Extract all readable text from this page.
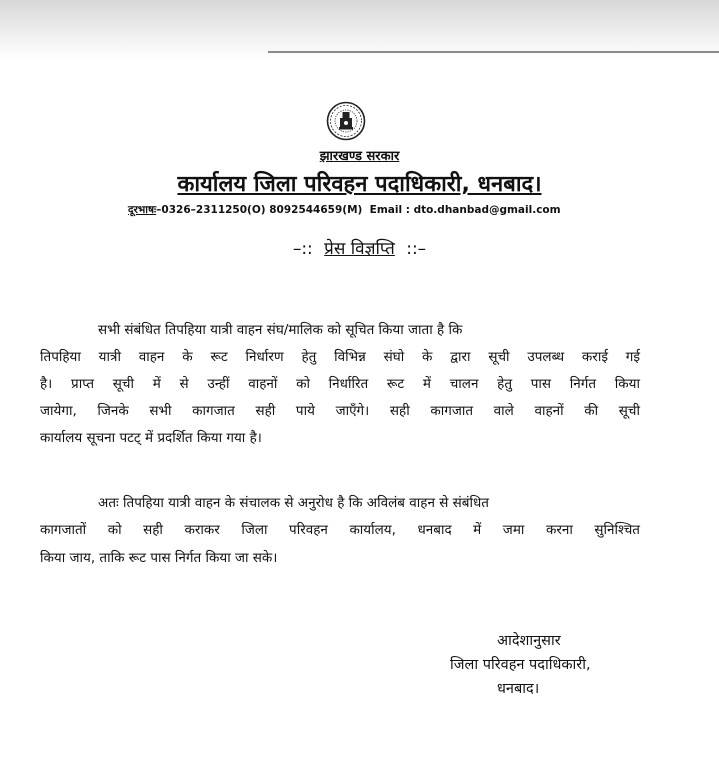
झारखण्ड सरकार
कार्यालय जिला परिवहन पदाधिकारी, धनबाद।
दूरभाषः–0326–2311250(O) 8092544659(M) Email : dto.dhanbad@gmail.com
–:: प्रेस विज्ञप्ति ::–
सभी संबंधित तिपहिया यात्री वाहन संघ/मालिक को सूचित किया जाता है कि
तिपहिया यात्री वाहन के रूट निर्धारण हेतु विभिन्न संघो के द्वारा सूची उपलब्ध कराई गई
है। प्राप्त सूची में से उन्हीं वाहनों को निर्धारित रूट में चालन हेतु पास निर्गत किया
जायेगा, जिनके सभी कागजात सही पाये जाएँगे। सही कागजात वाले वाहनों की सूची
कार्यालय सूचना पटट् में प्रदर्शित किया गया है।
अतः तिपहिया यात्री वाहन के संचालक से अनुरोध है कि अविलंब वाहन से संबंधित
कागजातों को सही कराकर जिला परिवहन कार्यालय, धनबाद में जमा करना सुनिश्चित
किया जाय, ताकि रूट पास निर्गत किया जा सके।
आदेशानुसार
जिला परिवहन पदाधिकारी,
धनबाद।
